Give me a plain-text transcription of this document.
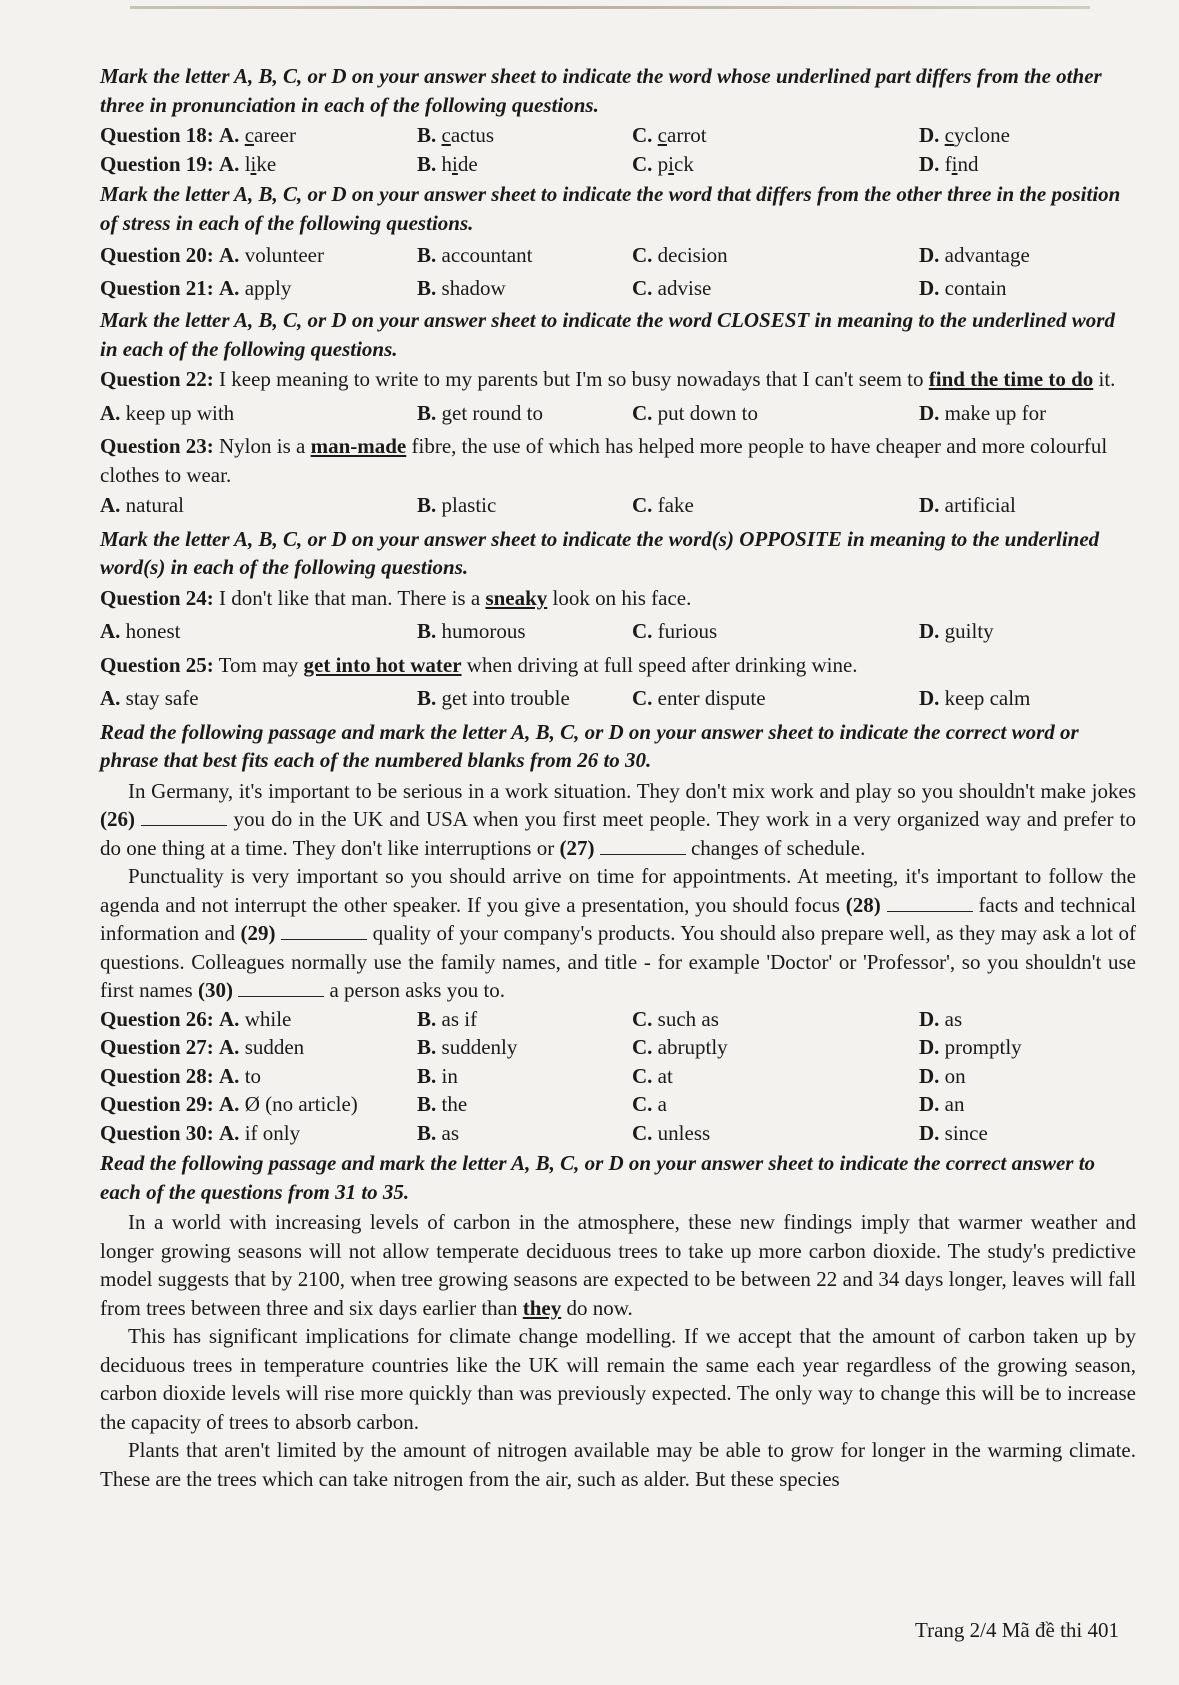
Mark the letter A, B, C, or D on your answer sheet to indicate the word whose underlined part differs from the other three in pronunciation in each of the following questions.
Question 18: A. career	B. cactus	C. carrot	D. cyclone
Question 19: A. like	B. hide	C. pick	D. find
Mark the letter A, B, C, or D on your answer sheet to indicate the word that differs from the other three in the position of stress in each of the following questions.
Question 20: A. volunteer	B. accountant	C. decision	D. advantage
Question 21: A. apply	B. shadow	C. advise	D. contain
Mark the letter A, B, C, or D on your answer sheet to indicate the word CLOSEST in meaning to the underlined word in each of the following questions.
Question 22: I keep meaning to write to my parents but I'm so busy nowadays that I can't seem to find the time to do it.
A. keep up with	B. get round to	C. put down to	D. make up for
Question 23: Nylon is a man-made fibre, the use of which has helped more people to have cheaper and more colourful clothes to wear.
A. natural	B. plastic	C. fake	D. artificial
Mark the letter A, B, C, or D on your answer sheet to indicate the word(s) OPPOSITE in meaning to the underlined word(s) in each of the following questions.
Question 24: I don't like that man. There is a sneaky look on his face.
A. honest	B. humorous	C. furious	D. guilty
Question 25: Tom may get into hot water when driving at full speed after drinking wine.
A. stay safe	B. get into trouble	C. enter dispute	D. keep calm
Read the following passage and mark the letter A, B, C, or D on your answer sheet to indicate the correct word or phrase that best fits each of the numbered blanks from 26 to 30.

In Germany, it's important to be serious in a work situation. They don't mix work and play so you shouldn't make jokes (26)	you do in the UK and USA when you first meet people. They work in a very organized way and prefer to do one thing at a time. They don't like interruptions or (27)	changes of schedule.

Punctuality is very important so you should arrive on time for appointments. At meeting, it's important to follow the agenda and not interrupt the other speaker. If you give a presentation, you should focus (28)	facts and technical information and (29)	quality of your company's products. You should also prepare well, as they may ask a lot of questions. Colleagues normally use the family names, and title - for example 'Doctor' or 'Professor', so you shouldn't use first names (30)	a person asks you to.

Question 26: A. while	B. as if	C. such as	D. as
Question 27: A. sudden	B. suddenly	C. abruptly	D. promptly
Question 28: A. to	B. in	C. at	D. on
Question 29: A. Ø (no article)	B. the	C. a	D. an
Question 30: A. if only	B. as	C. unless	D. since
Read the following passage and mark the letter A, B, C, or D on your answer sheet to indicate the correct answer to each of the questions from 31 to 35.

In a world with increasing levels of carbon in the atmosphere, these new findings imply that warmer weather and longer growing seasons will not allow temperate deciduous trees to take up more carbon dioxide. The study's predictive model suggests that by 2100, when tree growing seasons are expected to be between 22 and 34 days longer, leaves will fall from trees between three and six days earlier than they do now.

This has significant implications for climate change modelling. If we accept that the amount of carbon taken up by deciduous trees in temperature countries like the UK will remain the same each year regardless of the growing season, carbon dioxide levels will rise more quickly than was previously expected. The only way to change this will be to increase the capacity of trees to absorb carbon.

Plants that aren't limited by the amount of nitrogen available may be able to grow for longer in the warming climate. These are the trees which can take nitrogen from the air, such as alder. But these species

Trang 2/4 Mã đề thi 401
